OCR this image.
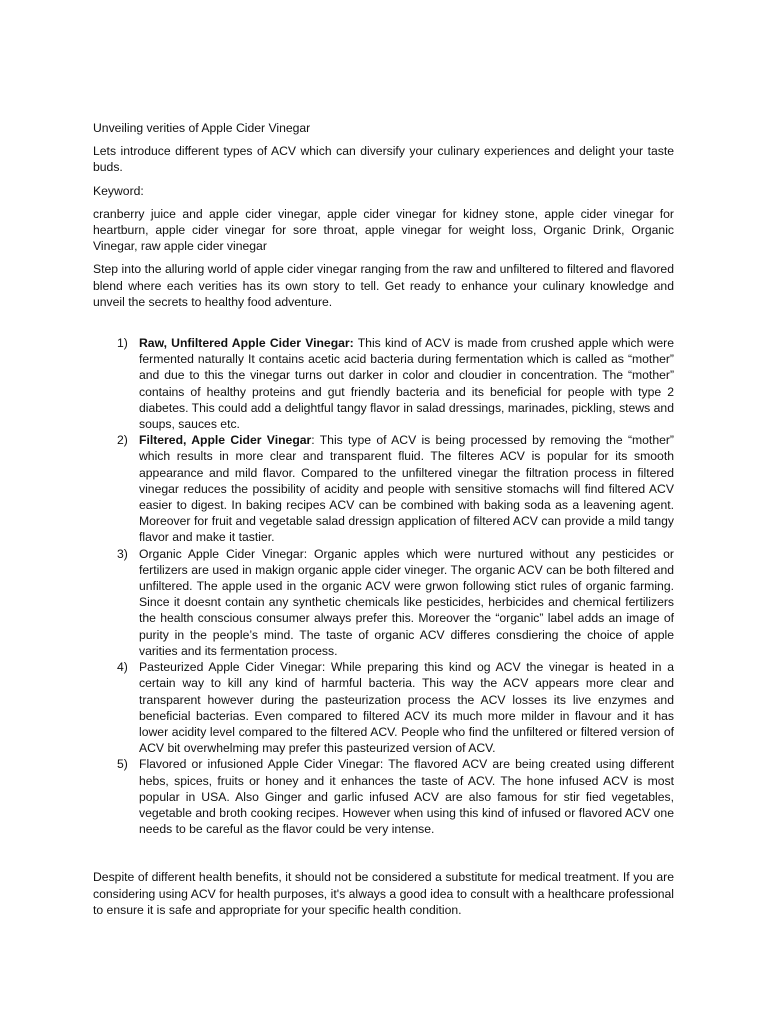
Unveiling verities of Apple Cider Vinegar

Lets introduce different types of ACV which can diversify your culinary experiences and delight your taste buds.

Keyword:

cranberry juice and apple cider vinegar, apple cider vinegar for kidney stone, apple cider vinegar for heartburn, apple cider vinegar for sore throat, apple vinegar for weight loss, Organic Drink, Organic Vinegar, raw apple cider vinegar

Step into the alluring world of apple cider vinegar ranging from the raw and unfiltered to filtered and flavored blend where each verities has its own story to tell. Get ready to enhance your culinary knowledge and unveil the secrets to healthy food adventure.

1) Raw, Unfiltered Apple Cider Vinegar: This kind of ACV is made from crushed apple which were fermented naturally It contains acetic acid bacteria during fermentation which is called as “mother” and due to this the vinegar turns out darker in color and cloudier in concentration. The “mother” contains of healthy proteins and gut friendly bacteria and its beneficial for people with type 2 diabetes. This could add a delightful tangy flavor in salad dressings, marinades, pickling, stews and soups, sauces etc.
2) Filtered, Apple Cider Vinegar: This type of ACV is being processed by removing the “mother” which results in more clear and transparent fluid. The filteres ACV is popular for its smooth appearance and mild flavor. Compared to the unfiltered vinegar the filtration process in filtered vinegar reduces the possibility of acidity and people with sensitive stomachs will find filtered ACV easier to digest. In baking recipes ACV can be combined with baking soda as a leavening agent. Moreover for fruit and vegetable salad dressign application of filtered ACV can provide a mild tangy flavor and make it tastier.
3) Organic Apple Cider Vinegar: Organic apples which were nurtured without any pesticides or fertilizers are used in makign organic apple cider vineger. The organic ACV can be both filtered and unfiltered. The apple used in the organic ACV were grwon following stict rules of organic farming. Since it doesnt contain any synthetic chemicals like pesticides, herbicides and chemical fertilizers the health conscious consumer always prefer this. Moreover the “organic” label adds an image of purity in the people’s mind. The taste of organic ACV differes consdiering the choice of apple varities and its fermentation process.
4) Pasteurized Apple Cider Vinegar: While preparing this kind og ACV the vinegar is heated in a certain way to kill any kind of harmful bacteria. This way the ACV appears more clear and transparent however during the pasteurization process the ACV losses its live enzymes and beneficial bacterias. Even compared to filtered ACV its much more milder in flavour and it has lower acidity level compared to the filtered ACV. People who find the unfiltered or filtered version of ACV bit overwhelming may prefer this pasteurized version of ACV.
5) Flavored or infusioned Apple Cider Vinegar: The flavored ACV are being created using different hebs, spices, fruits or honey and it enhances the taste of ACV. The hone infused ACV is most popular in USA. Also Ginger and garlic infused ACV are also famous for stir fied vegetables, vegetable and broth cooking recipes. However when using this kind of infused or flavored ACV one needs to be careful as the flavor could be very intense.

Despite of different health benefits, it should not be considered a substitute for medical treatment. If you are considering using ACV for health purposes, it's always a good idea to consult with a healthcare professional to ensure it is safe and appropriate for your specific health condition.
